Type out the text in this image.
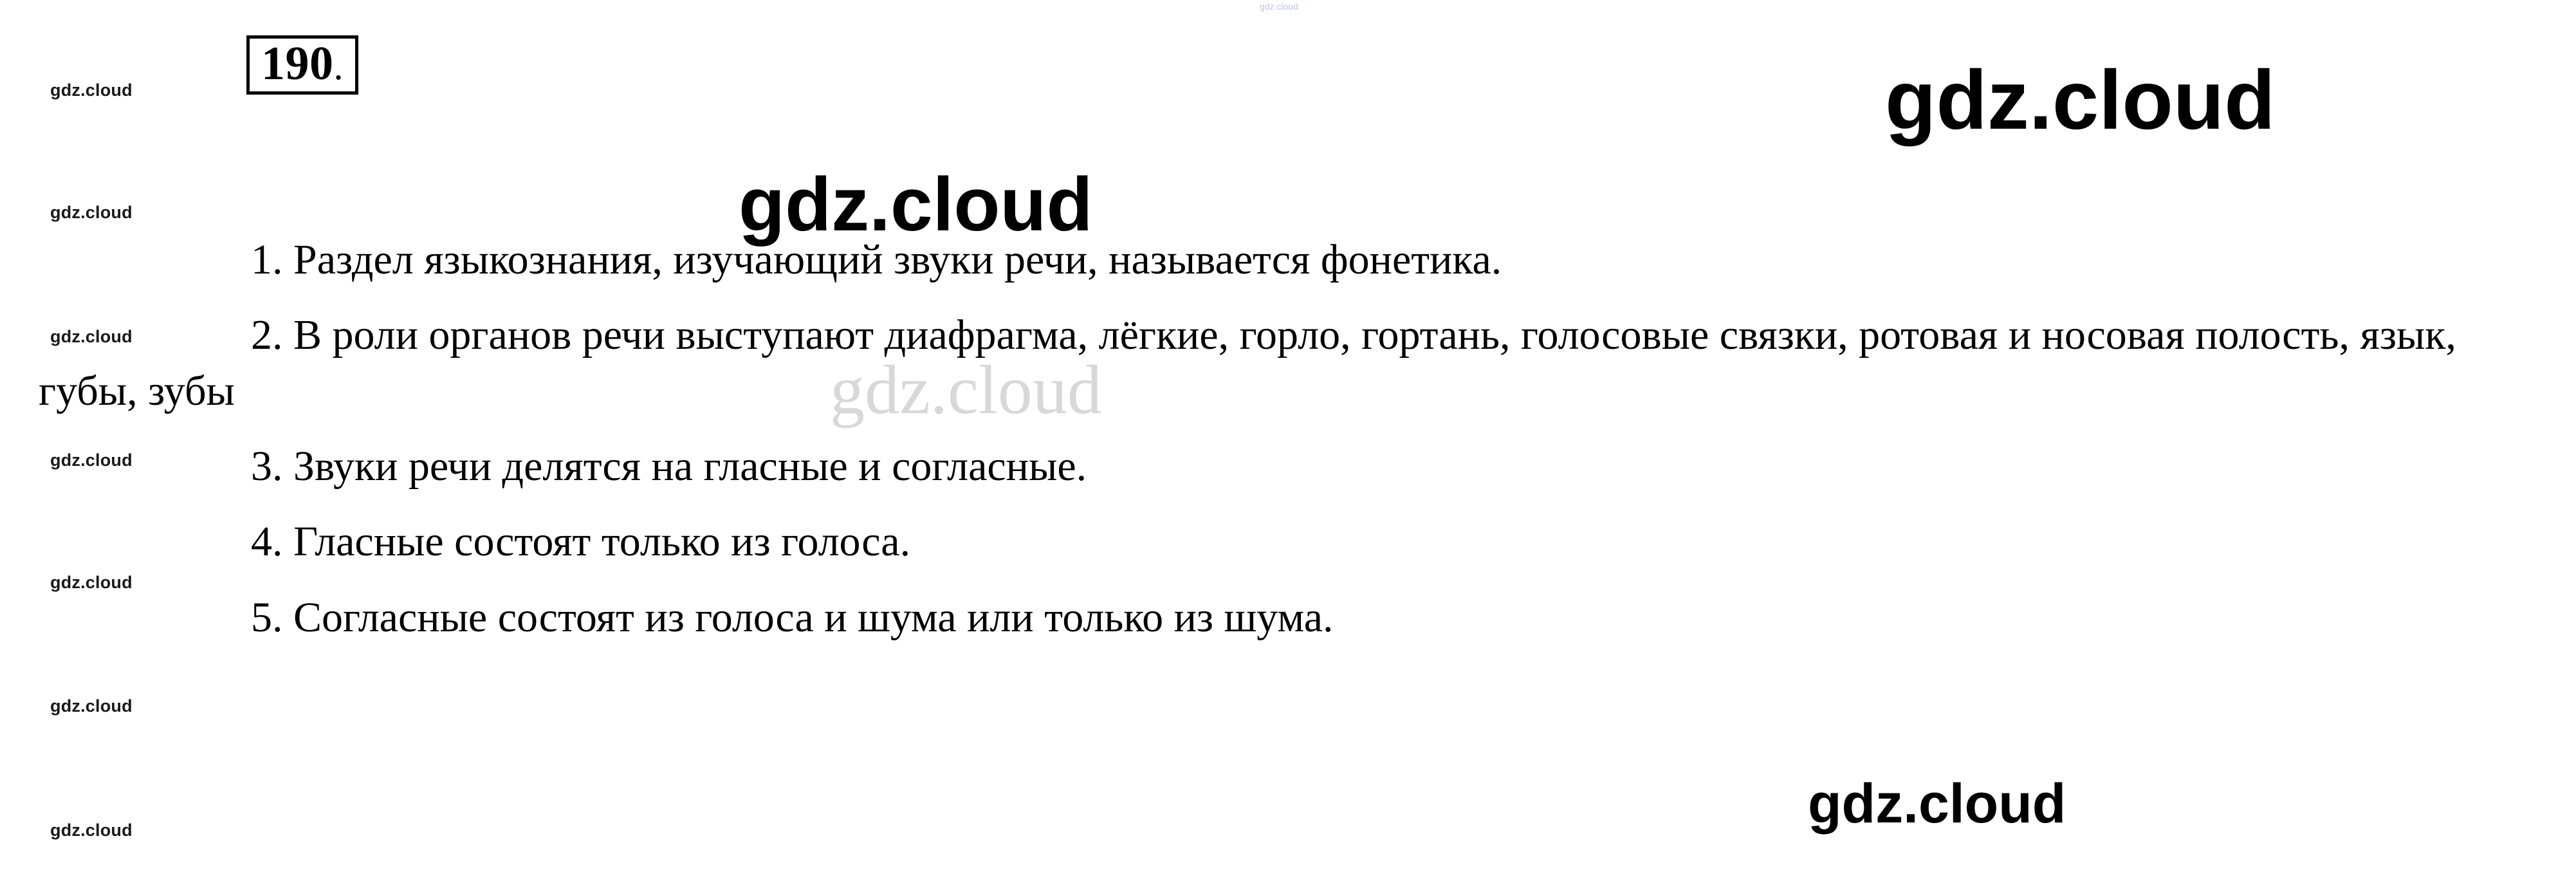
gdz.cloud
gdz.cloud
gdz.cloud
gdz.cloud
gdz.cloud
gdz.cloud
gdz.cloud
gdz.cloud
gdz.cloud
gdz.cloud
gdz.cloud
gdz.cloud
190.

1. Раздел языкознания, изучающий звуки речи, называется фонетика.

2. В роли органов речи выступают диафрагма, лёгкие, горло, гортань, голосовые связки, ротовая и носовая полость, язык, губы, зубы

3. Звуки речи делятся на гласные и согласные.

4. Гласные состоят только из голоса.

5. Согласные состоят из голоса и шума или только из шума.
